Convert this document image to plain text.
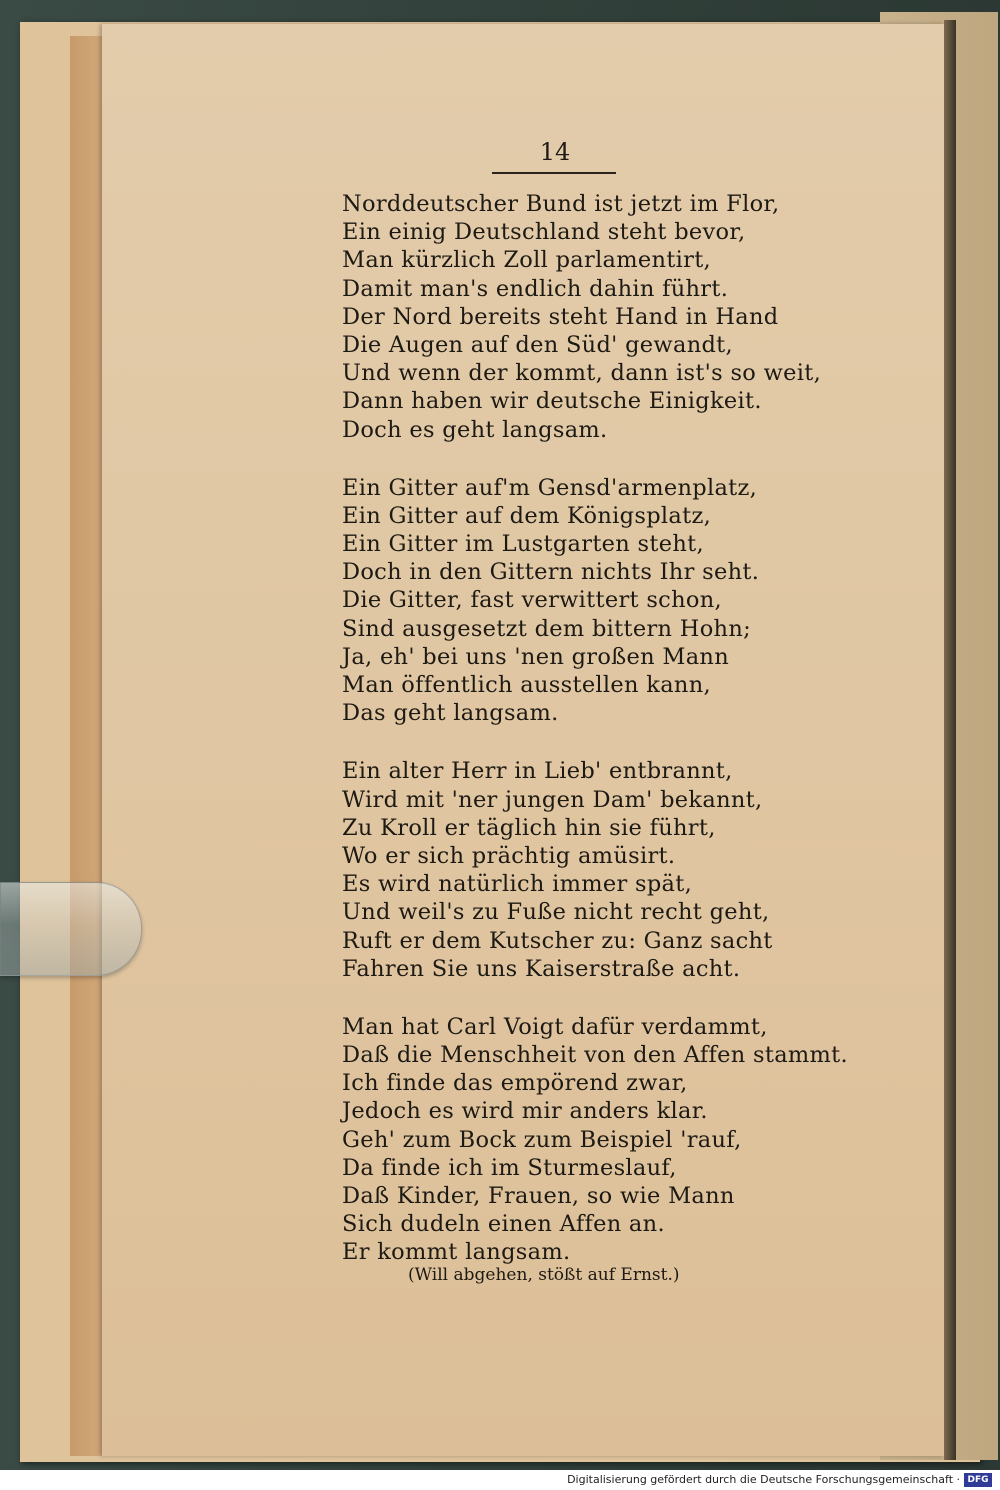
14
Norddeutscher Bund ist jetzt im Flor,
Ein einig Deutschland steht bevor,
Man kürzlich Zoll parlamentirt,
Damit man's endlich dahin führt.
Der Nord bereits steht Hand in Hand
Die Augen auf den Süd' gewandt,
Und wenn der kommt, dann ist's so weit,
Dann haben wir deutsche Einigkeit.
Doch es geht langsam.
Ein Gitter auf'm Gensd'armenplatz,
Ein Gitter auf dem Königsplatz,
Ein Gitter im Lustgarten steht,
Doch in den Gittern nichts Ihr seht.
Die Gitter, fast verwittert schon,
Sind ausgesetzt dem bittern Hohn;
Ja, eh' bei uns 'nen großen Mann
Man öffentlich ausstellen kann,
Das geht langsam.
Ein alter Herr in Lieb' entbrannt,
Wird mit 'ner jungen Dam' bekannt,
Zu Kroll er täglich hin sie führt,
Wo er sich prächtig amüsirt.
Es wird natürlich immer spät,
Und weil's zu Fuße nicht recht geht,
Ruft er dem Kutscher zu: Ganz sacht
Fahren Sie uns Kaiserstraße acht.
Man hat Carl Voigt dafür verdammt,
Daß die Menschheit von den Affen stammt.
Ich finde das empörend zwar,
Jedoch es wird mir anders klar.
Geh' zum Bock zum Beispiel 'rauf,
Da finde ich im Sturmeslauf,
Daß Kinder, Frauen, so wie Mann
Sich dudeln einen Affen an.
Er kommt langsam.
(Will abgehen, stößt auf Ernst.)
Digitalisierung gefördert durch die Deutsche Forschungsgemeinschaft · DFG
